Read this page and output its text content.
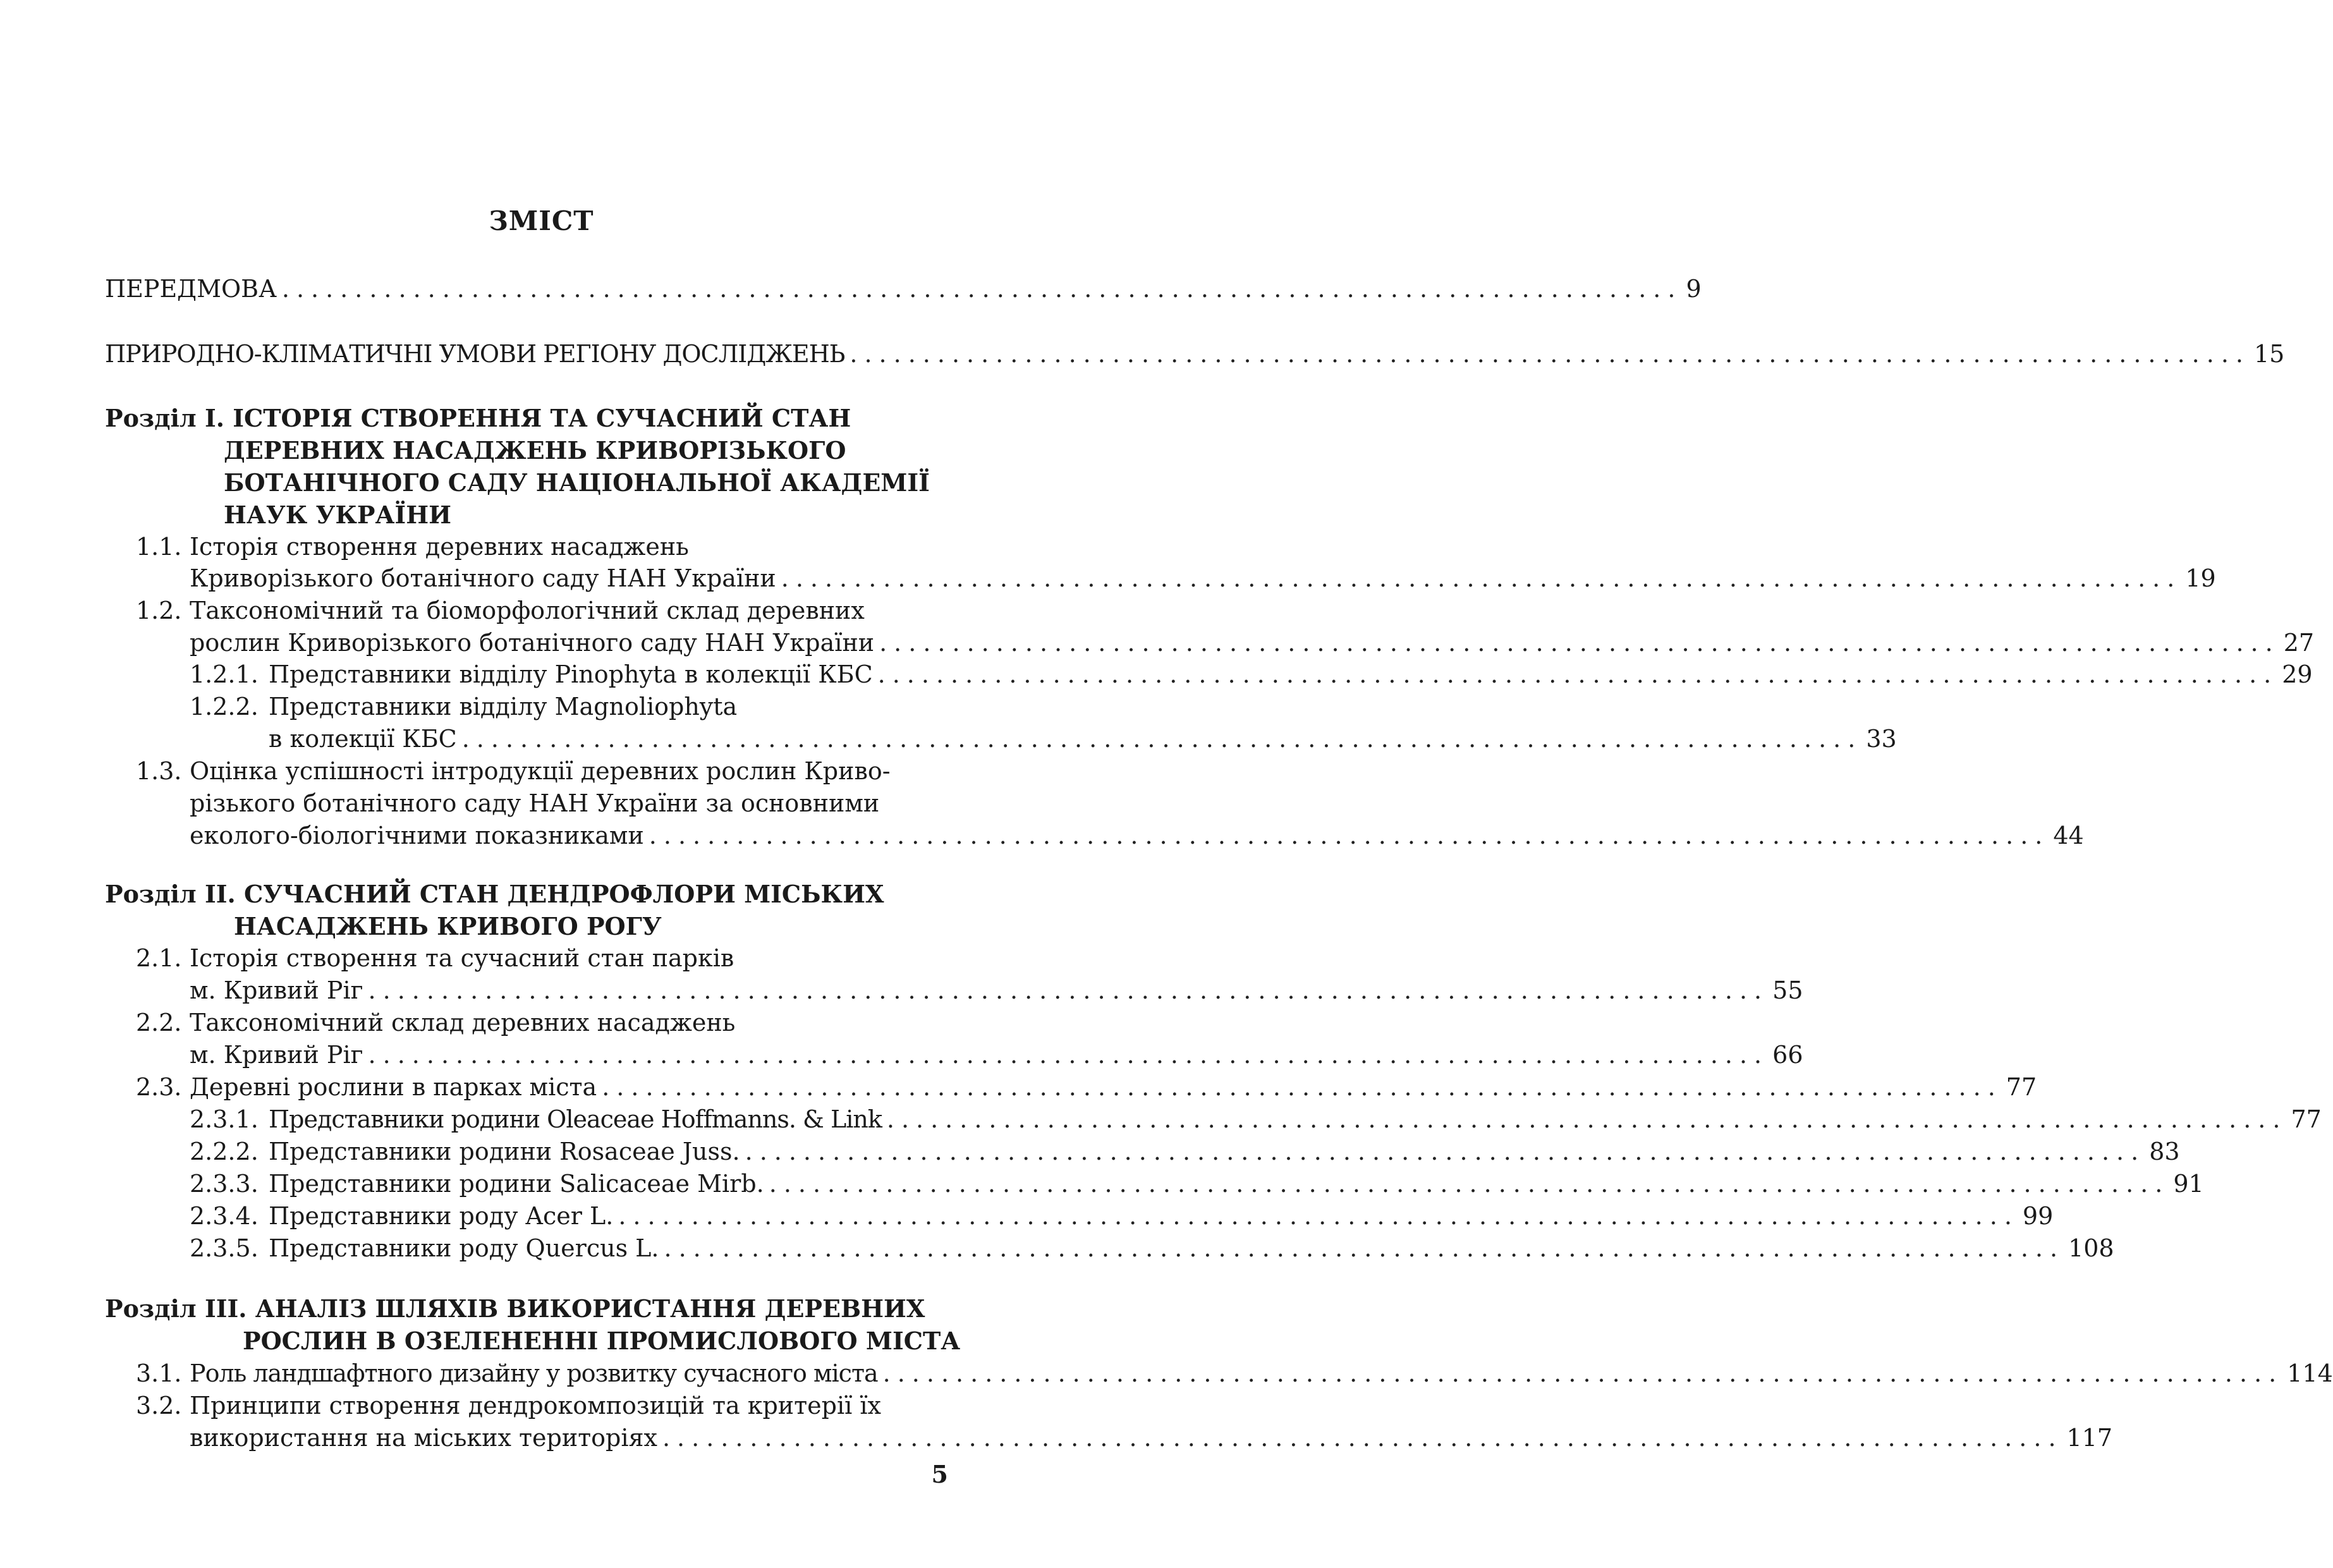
ЗМІСТ
ПЕРЕДМОВА ................................................................................................ 9
ПРИРОДНО-КЛІМАТИЧНІ УМОВИ РЕГІОНУ ДОСЛІДЖЕНЬ ................................................................................................ 15
Розділ І. ІСТОРІЯ СТВОРЕННЯ ТА СУЧАСНИЙ СТАН
ДЕРЕВНИХ НАСАДЖЕНЬ КРИВОРІЗЬКОГО
БОТАНІЧНОГО САДУ НАЦІОНАЛЬНОЇ АКАДЕМІЇ
НАУК УКРАЇНИ
1.1. Історія створення деревних насаджень
Криворізького ботанічного саду НАН України ................................................................................................ 19
1.2. Таксономічний та біоморфологічний склад деревних
рослин Криворізького ботанічного саду НАН України ................................................................................................ 27
1.2.1. Представники відділу Pinophyta в колекції КБС ................................................................................................ 29
1.2.2. Представники відділу Magnoliophyta
в колекції КБС ................................................................................................ 33
1.3. Оцінка успішності інтродукції деревних рослин Криво-
різького ботанічного саду НАН України за основними
еколого-біологічними показниками ................................................................................................ 44
Розділ ІІ. СУЧАСНИЙ СТАН ДЕНДРОФЛОРИ МІСЬКИХ
НАСАДЖЕНЬ КРИВОГО РОГУ
2.1. Історія створення та сучасний стан парків
м. Кривий Ріг ................................................................................................ 55
2.2. Таксономічний склад деревних насаджень
м. Кривий Ріг ................................................................................................ 66
2.3. Деревні рослини в парках міста ................................................................................................ 77
2.3.1. Представники родини Oleaceae Hoffmanns. & Link ................................................................................................ 77
2.2.2. Представники родини Rosaceae Juss. ................................................................................................ 83
2.3.3. Представники родини Salicaceae Mirb. ................................................................................................ 91
2.3.4. Представники роду Acer L. ................................................................................................ 99
2.3.5. Представники роду Quercus L. ................................................................................................ 108
Розділ ІІІ. АНАЛІЗ ШЛЯХІВ ВИКОРИСТАННЯ ДЕРЕВНИХ
РОСЛИН В ОЗЕЛЕНЕННІ ПРОМИСЛОВОГО МІСТА
3.1. Роль ландшафтного дизайну у розвитку сучасного міста ................................................................................................ 114
3.2. Принципи створення дендрокомпозицій та критерії їх
використання на міських територіях ................................................................................................ 117
5
